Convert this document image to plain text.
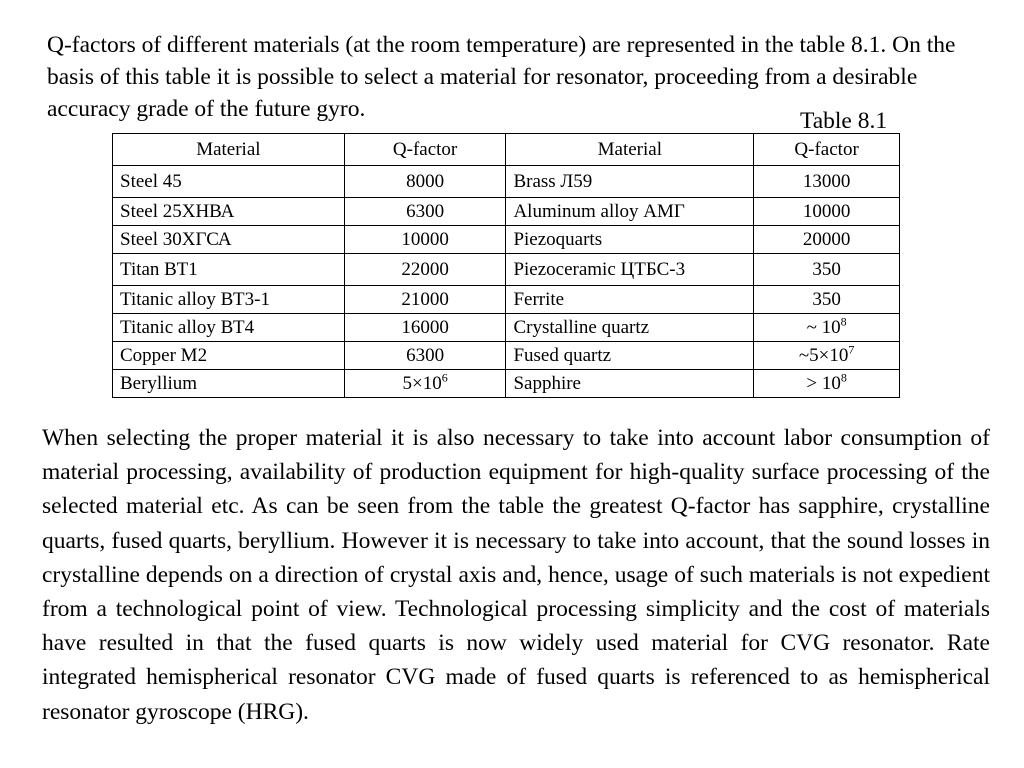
Q-factors of different materials (at the room temperature) are represented in the table 8.1. On the basis of this table it is possible to select a material for resonator, proceeding from a desirable accuracy grade of the future gyro.	Table 8.1

Material	Q-factor	Material	Q-factor
Steel 45	8000	Brass Л59	13000
Steel 25ХНВА	6300	Aluminum alloy АМГ	10000
Steel 30ХГСА	10000	Piezoquarts	20000
Titan ВТ1	22000	Piezoceramic ЦТБС-3	350
Titanic alloy ВТ3-1	21000	Ferrite	350
Titanic alloy ВТ4	16000	Crystalline quartz	~ $10^8$
Copper М2	6300	Fused quartz	$\sim 5\times 10^7$
Beryllium	$5\times 10^6$	Sapphire	> $10^8$

When selecting the proper material it is also necessary to take into account labor consumption of material processing, availability of production equipment for high-quality surface processing of the selected material etc. As can be seen from the table the greatest Q-factor has sapphire, crystalline quarts, fused quarts, beryllium. However it is necessary to take into account, that the sound losses in crystalline depends on a direction of crystal axis and, hence, usage of such materials is not expedient from a technological point of view. Technological processing simplicity and the cost of materials have resulted in that the fused quarts is now widely used material for CVG resonator. Rate integrated hemispherical resonator CVG made of fused quarts is referenced to as hemispherical resonator gyroscope (HRG).
